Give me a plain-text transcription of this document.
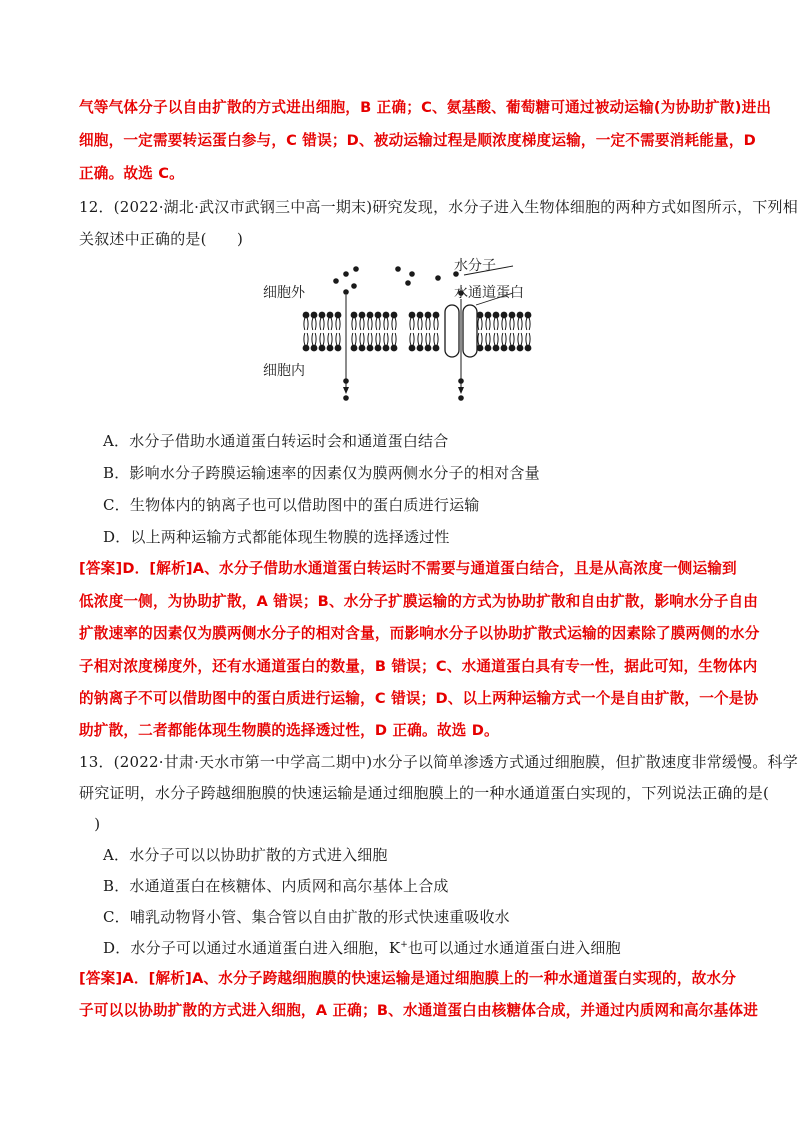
气等气体分子以自由扩散的方式进出细胞，B 正确；C、氨基酸、葡萄糖可通过被动运输(为协助扩散)进出
细胞，一定需要转运蛋白参与，C 错误；D、被动运输过程是顺浓度梯度运输，一定不需要消耗能量，D
正确。故选 C。
12．(2022·湖北·武汉市武钢三中高一期末)研究发现，水分子进入生物体细胞的两种方式如图所示，下列相
关叙述中正确的是(　　)
细胞外
细胞内
水分子
水通道蛋白
A．水分子借助水通道蛋白转运时会和通道蛋白结合
B．影响水分子跨膜运输速率的因素仅为膜两侧水分子的相对含量
C．生物体内的钠离子也可以借助图中的蛋白质进行运输
D．以上两种运输方式都能体现生物膜的选择透过性
[答案]D．[解析]A、水分子借助水通道蛋白转运时不需要与通道蛋白结合，且是从高浓度一侧运输到
低浓度一侧，为协助扩散，A 错误；B、水分子扩膜运输的方式为协助扩散和自由扩散，影响水分子自由
扩散速率的因素仅为膜两侧水分子的相对含量，而影响水分子以协助扩散式运输的因素除了膜两侧的水分
子相对浓度梯度外，还有水通道蛋白的数量，B 错误；C、水通道蛋白具有专一性，据此可知，生物体内
的钠离子不可以借助图中的蛋白质进行运输，C 错误；D、以上两种运输方式一个是自由扩散，一个是协
助扩散，二者都能体现生物膜的选择透过性，D 正确。故选 D。
13．(2022·甘肃·天水市第一中学高二期中)水分子以简单渗透方式通过细胞膜，但扩散速度非常缓慢。科学
研究证明，水分子跨越细胞膜的快速运输是通过细胞膜上的一种水通道蛋白实现的，下列说法正确的是(
　)
A．水分子可以以协助扩散的方式进入细胞
B．水通道蛋白在核糖体、内质网和高尔基体上合成
C．哺乳动物肾小管、集合管以自由扩散的形式快速重吸收水
D．水分子可以通过水通道蛋白进入细胞，K+也可以通过水通道蛋白进入细胞
[答案]A．[解析]A、水分子跨越细胞膜的快速运输是通过细胞膜上的一种水通道蛋白实现的，故水分
子可以以协助扩散的方式进入细胞，A 正确；B、水通道蛋白由核糖体合成，并通过内质网和高尔基体进
